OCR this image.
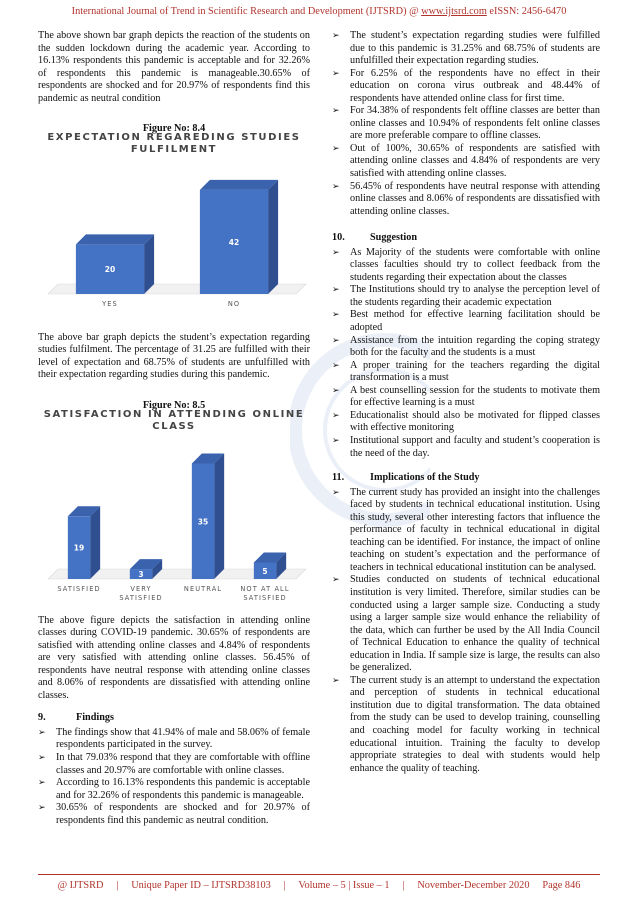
International Journal of Trend in Scientific Research and Development (IJTSRD) @ www.ijtsrd.com eISSN: 2456-6470

The above shown bar graph depicts the reaction of the students on the sudden lockdown during the academic year. According to 16.13% respondents this pandemic is acceptable and for 32.26% of respondents this pandemic is manageable.30.65% of respondents are shocked and for 20.97% of respondents find this pandemic as neutral condition

Figure No: 8.4
EXPECTATION REGAREDING STUDIES FULFILMENT
20
YES
42
NO

The above bar graph depicts the student’s expectation regarding studies fulfilment. The percentage of 31.25 are fulfilled with their level of expectation and 68.75% of students are unfulfilled with their expectation regarding studies during this pandemic.

Figure No: 8.5
SATISFACTION IN ATTENDING ONLINE CLASS
19
SATISFIED
3
VERY SATISFIED
35
NEUTRAL
5
NOT AT ALL SATISFIED

The above figure depicts the satisfaction in attending online classes during COVID-19 pandemic. 30.65% of respondents are satisfied with attending online classes and 4.84% of respondents are very satisfied with attending online classes. 56.45% of respondents have neutral response with attending online classes and 8.06% of respondents are dissatisfied with attending online classes.

9.	Findings
➢ The findings show that 41.94% of male and 58.06% of female respondents participated in the survey.
➢ In that 79.03% respond that they are comfortable with offline classes and 20.97% are comfortable with online classes.
➢ According to 16.13% respondents this pandemic is acceptable and for 32.26% of respondents this pandemic is manageable.
➢ 30.65% of respondents are shocked and for 20.97% of respondents find this pandemic as neutral condition.
➢ The student’s expectation regarding studies were fulfilled due to this pandemic is 31.25% and 68.75% of students are unfulfilled their expectation regarding studies.
➢ For 6.25% of the respondents have no effect in their education on corona virus outbreak and 48.44% of respondents have attended online class for first time.
➢ For 34.38% of respondents felt offline classes are better than online classes and 10.94% of respondents felt online classes are more preferable compare to offline classes.
➢ Out of 100%, 30.65% of respondents are satisfied with attending online classes and 4.84% of respondents are very satisfied with attending online classes.
➢ 56.45% of respondents have neutral response with attending online classes and 8.06% of respondents are dissatisfied with attending online classes.
10. Suggestion
➢ As Majority of the students were comfortable with online classes faculties should try to collect feedback from the students regarding their expectation about the classes
➢ The Institutions should try to analyse the perception level of the students regarding their academic expectation
➢ Best method for effective learning facilitation should be adopted
➢ Assistance from the intuition regarding the coping strategy both for the faculty and the students is a must
➢ A proper training for the teachers regarding the digital transformation is a must
➢ A best counselling session for the students to motivate them for effective learning is a must
➢ Educationalist should also be motivated for flipped classes with effective monitoring
➢ Institutional support and faculty and student’s cooperation is the need of the day.
11.	Implications of the Study
➢ The current study has provided an insight into the challenges faced by students in technical educational institution. Using this study, several other interesting factors that influence the performance of faculty in technical educational in digital teaching can be identified. For instance, the impact of online teaching on student’s expectation and the performance of teachers in technical educational institution can be analysed.
➢ Studies conducted on students of technical educational institution is very limited. Therefore, similar studies can be conducted using a larger sample size. Conducting a study using a larger sample size would enhance the reliability of the data, which can further be used by the All India Council of Technical Education to enhance the quality of technical education in India. If sample size is large, the results can also be generalized.
➢ The current study is an attempt to understand the expectation and perception of students in technical educational institution due to digital transformation. The data obtained from the study can be used to develop training, counselling and coaching model for faculty working in technical educational intuition. Training the faculty to develop appropriate strategies to deal with students would help enhance the quality of teaching.
@ IJTSRD     |     Unique Paper ID – IJTSRD38103     |     Volume – 5 | Issue – 1     |     November-December 2020     Page 846
